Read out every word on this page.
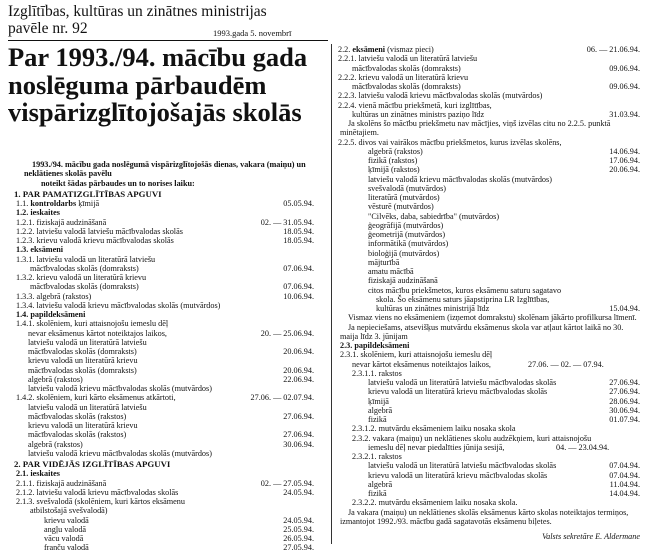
Izglītības, kultūras un zinātnes ministrijas
pavēle nr. 92	1993.gada 5. novembrī
Par 1993./94. mācību gada
noslēguma pārbaudēm
vispārizglītojošajās skolās
1993./94. mācību gada noslēgumā vispārizglītojošās dienas, vakara (maiņu) un neklātienes skolās pavēlu
noteikt šādas pārbaudes un to norises laiku:
1. PAR PAMATIZGLĪTĪBAS APGUVI
1.1. kontroldarbs ķīmijā	05.05.94.
1.2. ieskaites
1.2.1. fiziskajā audzināšanā	02. — 31.05.94.
1.2.2. latviešu valodā latviešu mācībvalodas skolās	18.05.94.
1.2.3. krievu valodā krievu mācībvalodas skolās	18.05.94.
1.3. eksāmeni
1.3.1. latviešu valodā un literatūrā latviešu
mācībvalodas skolās (domraksts)	07.06.94.
1.3.2. krievu valodā un literatūrā krievu
mācībvalodas skolās (domraksts)	07.06.94.
1.3.3. algebrā (rakstos)	10.06.94.
1.3.4. latviešu valodā krievu mācībvalodas skolās (mutvārdos)
1.4. papildeksāmeni
1.4.1. skolēniem, kuri attaisnojošu iemeslu dēļ
nevar eksāmenus kārtot noteiktajos laikos,	20. — 25.06.94.
latviešu valodā un literatūrā latviešu
mācībvalodas skolās (domraksts)	20.06.94.
krievu valodā un literatūrā krievu
mācībvalodas skolās (domraksts)	20.06.94.
algebrā (rakstos)	22.06.94.
latviešu valodā krievu mācībvalodas skolās (mutvārdos)
1.4.2. skolēniem, kuri kārto eksāmenus atkārtoti,	27.06. — 02.07.94.
latviešu valodā un literatūrā latviešu
mācībvalodas skolās (rakstos)	27.06.94.
krievu valodā un literatūrā krievu
mācībvalodas skolās (rakstos)	27.06.94.
algebrā (rakstos)	30.06.94.
latviešu valodā krievu mācībvalodas skolās (mutvārdos)
2. PAR VIDĒJĀS IZGLĪTĪBAS APGUVI
2.1. ieskaites
2.1.1. fiziskajā audzināšanā	02. — 27.05.94.
2.1.2. latviešu valodā krievu mācībvalodas skolās	24.05.94.
2.1.3. svešvalodā (skolēniem, kuri kārtos eksāmenu
atbilstošajā svešvalodā)
krievu valodā	24.05.94.
angļu valodā	25.05.94.
vācu valodā	26.05.94.
franču valodā	27.05.94.
2.2. eksāmeni (vismaz pieci)	06. — 21.06.94.
2.2.1. latviešu valodā un literatūrā latviešu
mācībvalodas skolās (domraksts)	09.06.94.
2.2.2. krievu valodā un literatūrā krievu
mācībvalodas skolās (domraksts)	09.06.94.
2.2.3. latviešu valodā krievu mācībvalodas skolās (mutvārdos)
2.2.4. vienā mācību priekšmetā, kuri izglītības,
kultūras un zinātnes ministrs paziņo līdz	31.03.94.
Ja skolēns šo mācību priekšmetu nav mācījies, viņš izvēlas citu no 2.2.5. punktā minētajiem.
2.2.5. divos vai vairākos mācību priekšmetos, kurus izvēlas skolēns,
algebrā (rakstos)	14.06.94.
fizikā (rakstos)	17.06.94.
ķīmijā (rakstos)	20.06.94.
latviešu valodā krievu mācībvalodas skolās (mutvārdos)
svešvalodā (mutvārdos)
literatūrā (mutvārdos)
vēsturē (mutvārdos)
"Cilvēks, daba, sabiedrība" (mutvārdos)
ģeogrāfijā (mutvārdos)
ģeometrijā (mutvārdos)
informātikā (mutvārdos)
bioloģijā (mutvārdos)
mājturībā
amatu mācībā
fiziskajā audzināšanā
citos mācību priekšmetos, kuros eksāmenu saturu sagatavo
skola. Šo eksāmenu saturs jāapstiprina LR Izglītības,
kultūras un zinātnes ministrijā līdz	15.04.94.
Vismaz viens no eksāmeniem (izņemot domrakstu) skolēnam jākārto profilkursa līmenī.
Ja nepieciešams, atsevišķus mutvārdu eksāmenus skola var atļaut kārtot laikā no 30. maija līdz 3. jūnijam
2.3. papildeksāmeni
2.3.1. skolēniem, kuri attaisnojošu iemeslu dēļ
nevar kārtot eksāmenus noteiktajos laikos,	27.06. — 02. — 07.94.
2.3.1.1. rakstos
latviešu valodā un literatūrā latviešu mācībvalodas skolās	27.06.94.
krievu valodā un literatūrā krievu mācībvalodas skolās	27.06.94.
ķīmijā	28.06.94.
algebrā	30.06.94.
fizikā	01.07.94.
2.3.1.2. mutvārdu eksāmeniem laiku nosaka skola
2.3.2. vakara (maiņu) un neklātienes skolu audzēkņiem, kuri attaisnojošu
iemeslu dēļ nevar piedalīties jūnija sesijā,	04. — 23.04.94.
2.3.2.1. rakstos
latviešu valodā un literatūrā latviešu mācībvalodas skolās	07.04.94.
krievu valodā un literatūrā krievu mācībvalodas skolās	07.04.94.
algebrā	11.04.94.
fizikā	14.04.94.
2.3.2.2. mutvārdu eksāmeniem laiku nosaka skola.
Ja vakara (maiņu) un neklātienes skolās eksāmenus kārto skolas noteiktajos termiņos, izmantojot 1992./93. mācību gadā sagatavotās eksāmenu biļetes.
Valsts sekretāre E. Aldermane
